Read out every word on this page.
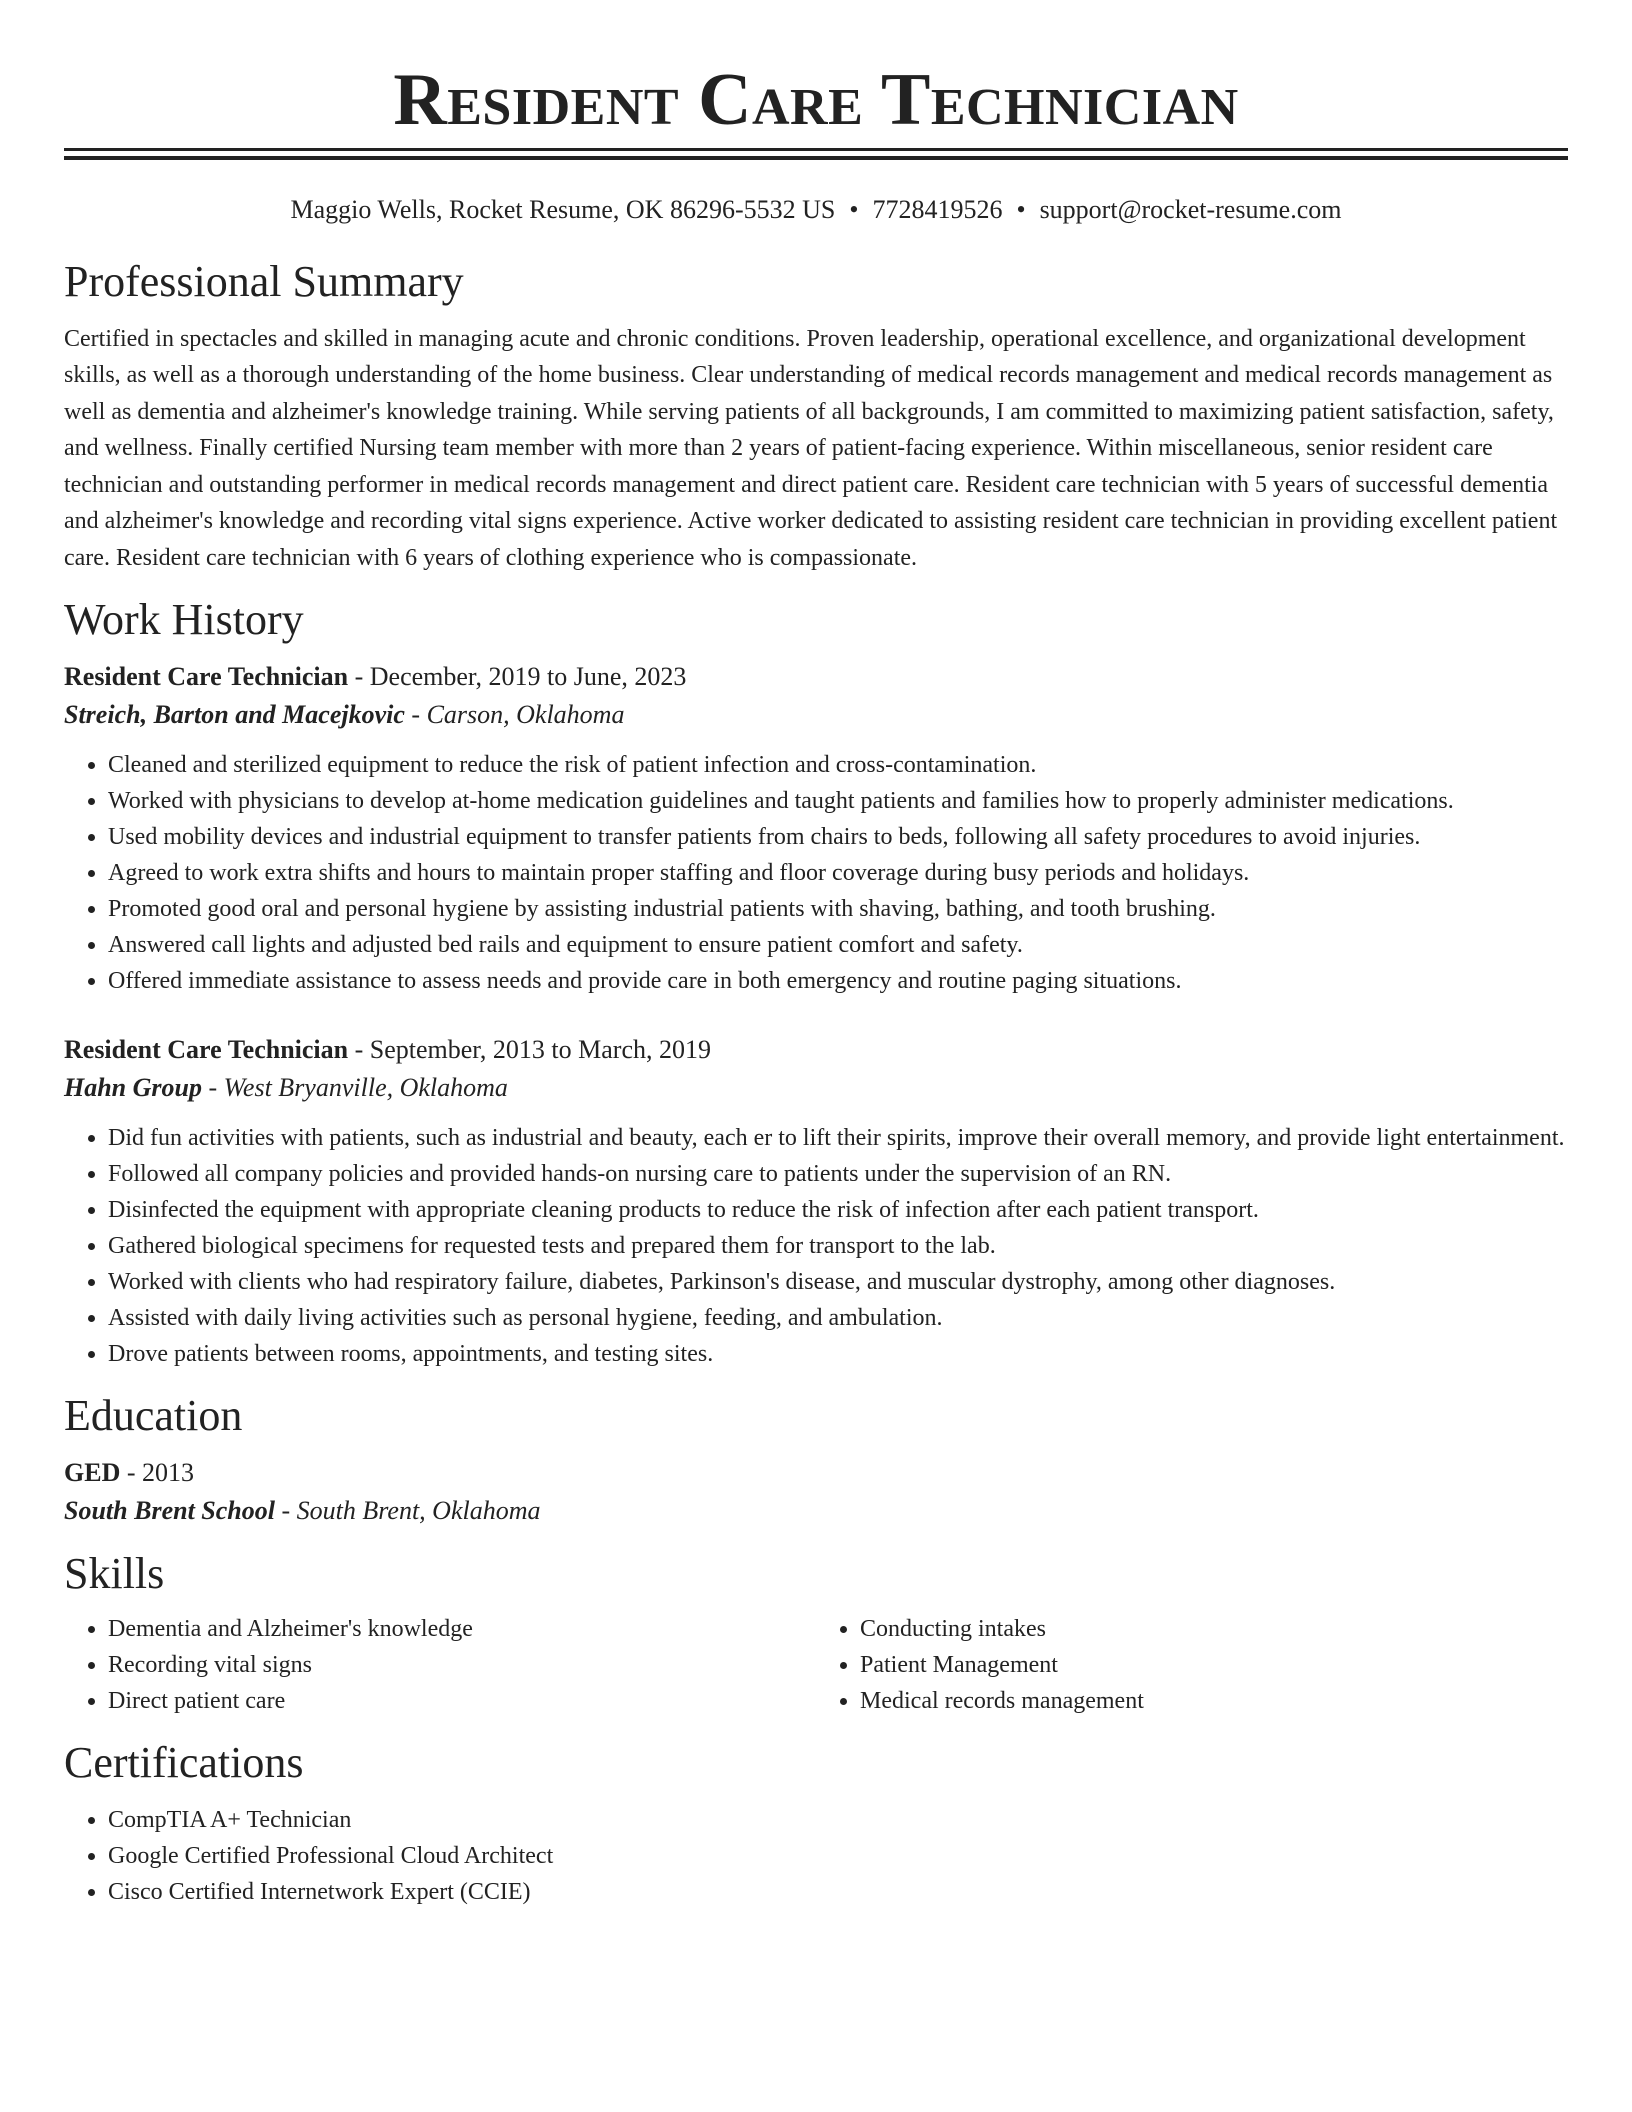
Resident Care Technician
Maggio Wells, Rocket Resume, OK 86296-5532 US • 7728419526 • support@rocket-resume.com
Professional Summary

Certified in spectacles and skilled in managing acute and chronic conditions. Proven leadership, operational excellence, and organizational development skills, as well as a thorough understanding of the home business. Clear understanding of medical records management and medical records management as well as dementia and alzheimer's knowledge training. While serving patients of all backgrounds, I am committed to maximizing patient satisfaction, safety, and wellness. Finally certified Nursing team member with more than 2 years of patient-facing experience. Within miscellaneous, senior resident care technician and outstanding performer in medical records management and direct patient care. Resident care technician with 5 years of successful dementia and alzheimer's knowledge and recording vital signs experience. Active worker dedicated to assisting resident care technician in providing excellent patient care. Resident care technician with 6 years of clothing experience who is compassionate.

Work History
Resident Care Technician - December, 2019 to June, 2023
Streich, Barton and Macejkovic - Carson, Oklahoma
• Cleaned and sterilized equipment to reduce the risk of patient infection and cross-contamination.
• Worked with physicians to develop at-home medication guidelines and taught patients and families how to properly administer medications.
• Used mobility devices and industrial equipment to transfer patients from chairs to beds, following all safety procedures to avoid injuries.
• Agreed to work extra shifts and hours to maintain proper staffing and floor coverage during busy periods and holidays.
• Promoted good oral and personal hygiene by assisting industrial patients with shaving, bathing, and tooth brushing.
• Answered call lights and adjusted bed rails and equipment to ensure patient comfort and safety.
• Offered immediate assistance to assess needs and provide care in both emergency and routine paging situations.
Resident Care Technician - September, 2013 to March, 2019
Hahn Group - West Bryanville, Oklahoma
• Did fun activities with patients, such as industrial and beauty, each er to lift their spirits, improve their overall memory, and provide light entertainment.
• Followed all company policies and provided hands-on nursing care to patients under the supervision of an RN.
• Disinfected the equipment with appropriate cleaning products to reduce the risk of infection after each patient transport.
• Gathered biological specimens for requested tests and prepared them for transport to the lab.
• Worked with clients who had respiratory failure, diabetes, Parkinson's disease, and muscular dystrophy, among other diagnoses.
• Assisted with daily living activities such as personal hygiene, feeding, and ambulation.
• Drove patients between rooms, appointments, and testing sites.
Education
GED - 2013
South Brent School - South Brent, Oklahoma
Skills
• Dementia and Alzheimer's knowledge
• Recording vital signs
• Direct patient care
• Conducting intakes
• Patient Management
• Medical records management
Certifications
• CompTIA A+ Technician
• Google Certified Professional Cloud Architect
• Cisco Certified Internetwork Expert (CCIE)
